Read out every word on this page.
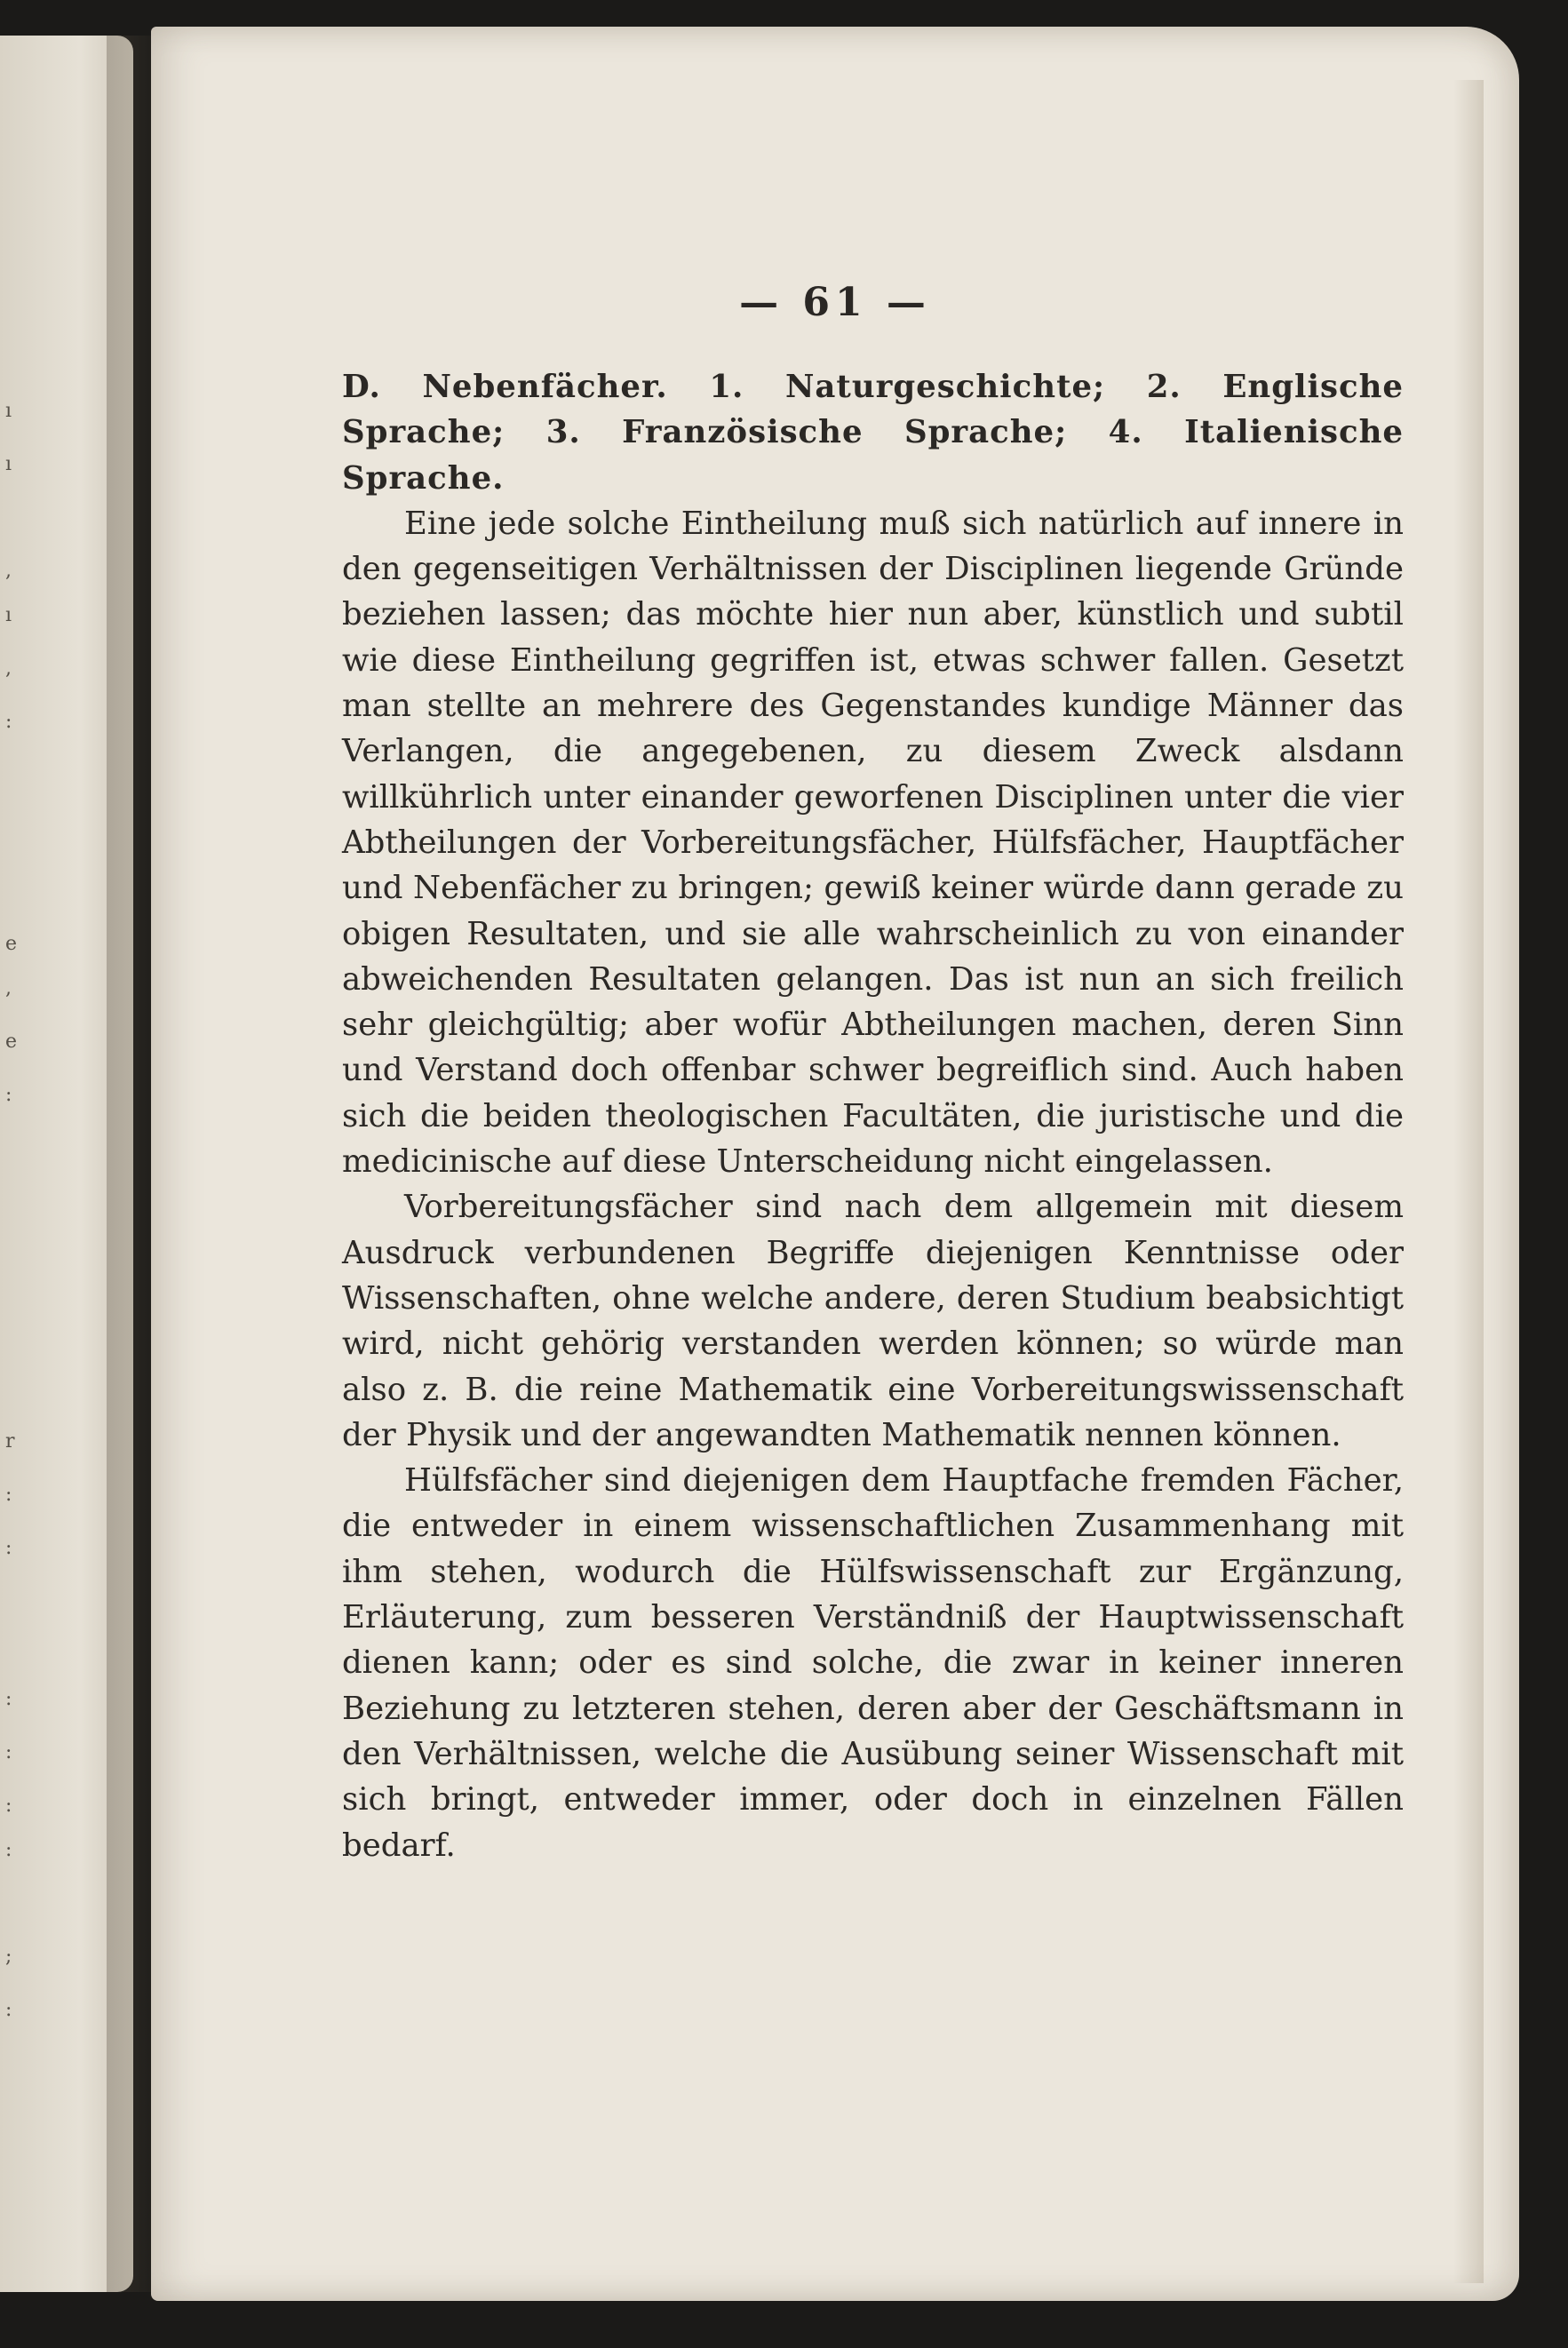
ı
ı
,
ı
,
:
e
,
e
:
r
:
:
:
:
:
:
;
:
— 61 —

D. Nebenfächer. 1. Naturgeschichte; 2. Englische Sprache; 3. Französische Sprache; 4. Italienische Sprache.

Eine jede solche Eintheilung muß sich natürlich auf innere in den gegenseitigen Verhältnissen der Disciplinen liegende Gründe beziehen lassen; das möchte hier nun aber, künstlich und subtil wie diese Eintheilung gegriffen ist, etwas schwer fallen. Gesetzt man stellte an mehrere des Gegenstandes kundige Männer das Verlangen, die angegebenen, zu diesem Zweck alsdann willkührlich unter einander geworfenen Disciplinen unter die vier Abtheilungen der Vorbereitungsfächer, Hülfsfächer, Hauptfächer und Nebenfächer zu bringen; gewiß keiner würde dann gerade zu obigen Resultaten, und sie alle wahrscheinlich zu von einander abweichenden Resultaten gelangen. Das ist nun an sich freilich sehr gleichgültig; aber wofür Abtheilungen machen, deren Sinn und Verstand doch offenbar schwer begreiflich sind. Auch haben sich die beiden theologischen Facultäten, die juristische und die medicinische auf diese Unterscheidung nicht eingelassen.

Vorbereitungsfächer sind nach dem allgemein mit diesem Ausdruck verbundenen Begriffe diejenigen Kenntnisse oder Wissenschaften, ohne welche andere, deren Studium beabsichtigt wird, nicht gehörig verstanden werden können; so würde man also z. B. die reine Mathematik eine Vorbereitungswissenschaft der Physik und der angewandten Mathematik nennen können.

Hülfsfächer sind diejenigen dem Hauptfache fremden Fächer, die entweder in einem wissenschaftlichen Zusammenhang mit ihm stehen, wodurch die Hülfswissenschaft zur Ergänzung, Erläuterung, zum besseren Verständniß der Hauptwissenschaft dienen kann; oder es sind solche, die zwar in keiner inneren Beziehung zu letzteren stehen, deren aber der Geschäftsmann in den Verhältnissen, welche die Ausübung seiner Wissenschaft mit sich bringt, entweder immer, oder doch in einzelnen Fällen bedarf.
